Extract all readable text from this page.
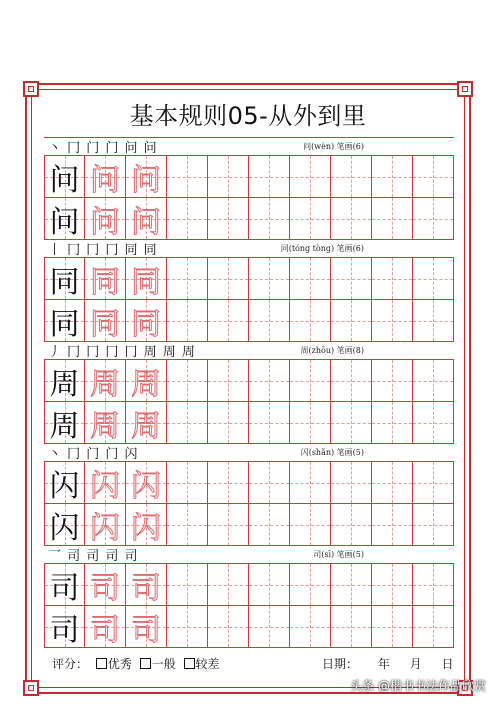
基本规则05-从外到里
丶 冂 门 门 问 问	问(wèn) 笔画(6)
问 问 问
问 问 问
丨 冂 冂 冂 同 同	同(tóng tòng) 笔画(6)
同 同 同
同 同 同
丿 冂 冂 冂 冂 周 周 周	周(zhōu) 笔画(8)
周 周 周
周 周 周
丶 冂 门 门 闪	闪(shǎn) 笔画(5)
闪 闪 闪
闪 闪 闪
乛 司 司 司 司	司(sī) 笔画(5)
司 司 司
司 司 司
评分： 优秀 一般 较差	日期： 年 月 日
头条 @楷书书法作品欣赏
